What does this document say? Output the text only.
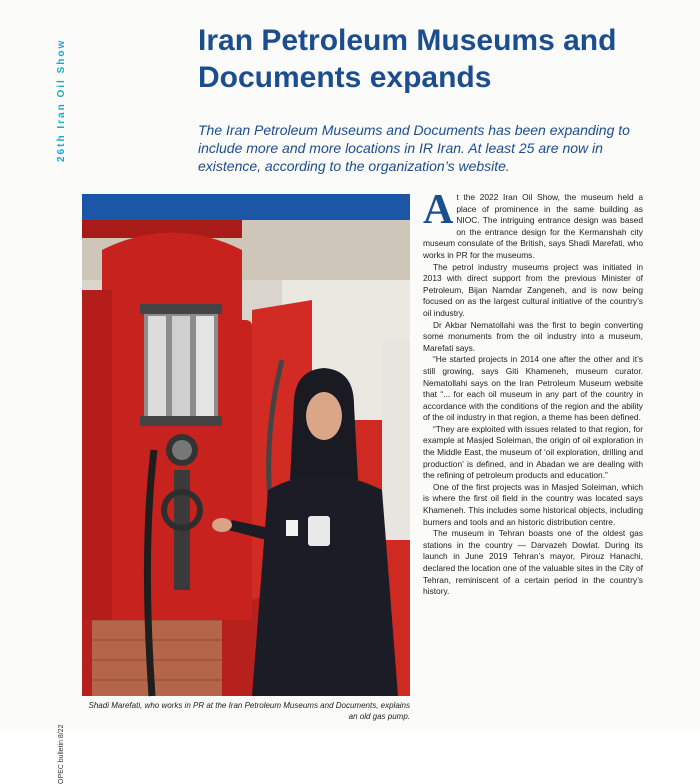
26th Iran Oil Show	Iran Petroleum Museums and Documents expands

The Iran Petroleum Museums and Documents has been expanding to include more and more locations in IR Iran. At least 25 are now in existence, according to the organization’s website.

Shadi Marefati, who works in PR at the Iran Petroleum Museums and Documents, explains an old gas pump.

At the 2022 Iran Oil Show, the museum held a place of prominence in the same building as NIOC. The intriguing entrance design was based on the entrance design for the Kermanshah city museum consulate of the British, says Shadi Marefati, who works in PR for the museums.

The petrol industry museums project was initiated in 2013 with direct support from the previous Minister of Petroleum, Bijan Namdar Zangeneh, and is now being focused on as the largest cultural initiative of the country’s oil industry.

Dr Akbar Nematollahi was the first to begin converting some monuments from the oil industry into a museum, Marefati says.

“He started projects in 2014 one after the other and it’s still growing, says Giti Khameneh, museum curator. Nematollahi says on the Iran Petroleum Museum website that “... for each oil museum in any part of the country in accordance with the conditions of the region and the ability of the oil industry in that region, a theme has been defined.

“They are exploited with issues related to that region, for example at Masjed Soleiman, the origin of oil exploration in the Middle East, the museum of ‘oil exploration, drilling and production’ is defined, and in Abadan we are dealing with the refining of petroleum products and education.”

One of the first projects was in Masjed Soleiman, which is where the first oil field in the country was located says Khameneh. This includes some historical objects, including burners and tools and an historic distribution centre.

The museum in Tehran boasts one of the oldest gas stations in the country — Darvazeh Dowlat. During its launch in June 2019 Tehran’s mayor, Pirouz Hanachi, declared the location one of the valuable sites in the City of Tehran, reminiscent of a certain period in the country’s history.

OPEC bulletin 8/22
